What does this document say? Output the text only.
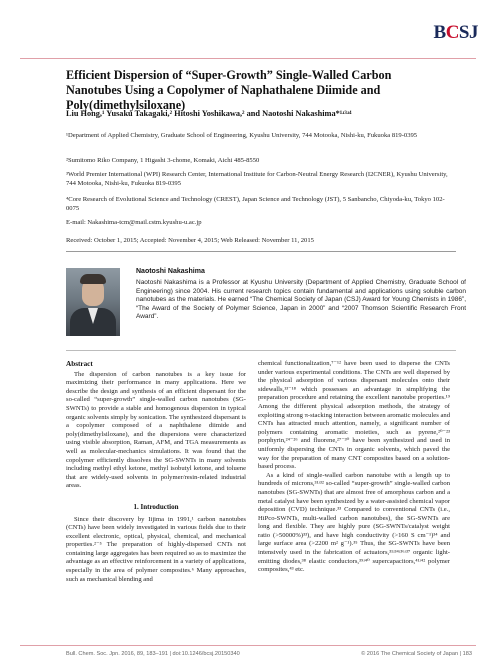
BCSJ
Efficient Dispersion of “Super-Growth” Single-Walled Carbon Nanotubes Using a Copolymer of Naphathalene Diimide and Poly(dimethylsiloxane)
Liu Hong,¹ Yusaku Takagaki,² Hitoshi Yoshikawa,² and Naotoshi Nakashima*¹ʴ³ʴ⁴
¹Department of Applied Chemistry, Graduate School of Engineering, Kyushu University, 744 Motooka, Nishi-ku, Fukuoka 819-0395
²Sumitomo Riko Company, 1 Higashi 3-chome, Komaki, Aichi 485-8550
³World Premier International (WPI) Research Center, International Institute for Carbon-Neutral Energy Research (I2CNER), Kyushu University, 744 Motooka, Nishi-ku, Fukuoka 819-0395
⁴Core Research of Evolutional Science and Technology (CREST), Japan Science and Technology (JST), 5 Sanbancho, Chiyoda-ku, Tokyo 102-0075
E-mail: Nakashima-tcm@mail.cstm.kyushu-u.ac.jp
Received: October 1, 2015; Accepted: November 4, 2015; Web Released: November 11, 2015
Naotoshi Nakashima
Naotoshi Nakashima is a Professor at Kyushu University (Department of Applied Chemistry, Graduate School of Engineering) since 2004. His current research topics contain fundamental and applications using soluble carbon nanotubes as the materials. He earned “The Chemical Society of Japan (CSJ) Award for Young Chemists in 1986”, “The Award of the Society of Polymer Science, Japan in 2000” and “2007 Thomson Scientific Research Front Award”.
Abstract

The dispersion of carbon nanotubes is a key issue for maximizing their performance in many applications. Here we describe the design and synthesis of an efficient dispersant for the so-called “super-growth” single-walled carbon nanotubes (SG-SWNTs) to provide a stable and homogenous dispersion in typical organic solvents simply by sonication. The synthesized dispersant is a copolymer composed of a naphthalene diimide and poly(dimethylsiloxane), and the dispersions were characterized using visible absorption, Raman, AFM, and TGA measurements as well as molecular-mechanics simulations. It was found that the copolymer efficiently dissolves the SG-SWNTs in many solvents including methyl ethyl ketone, methyl isobutyl ketone, and toluene that are widely-used solvents in polymer/resin-related industrial areas.

1. Introduction

Since their discovery by Iijima in 1991,¹ carbon nanotubes (CNTs) have been widely investigated in various fields due to their excellent electronic, optical, physical, chemical, and mechanical properties.²⁻⁵ The preparation of highly-dispersed CNTs not containing large aggregates has been required so as to maximize the advantage as an effective reinforcement in a variety of applications, especially in the area of polymer composites.⁶ Many approaches, such as mechanical blending and

chemical functionalization,⁷⁻¹² have been used to disperse the CNTs under various experimental conditions. The CNTs are well dispersed by the physical adsorption of various dispersant molecules onto their sidewalls,¹³⁻¹⁸ which possesses an advantage in simplifying the preparation procedure and retaining the excellent nanotube properties.¹⁹ Among the different physical adsorption methods, the strategy of exploiting strong π-stacking interaction between aromatic molecules and CNTs has attracted much attention, namely, a significant number of polymers containing aromatic moieties, such as pyrene,²⁰⁻²³ porphyrin,²⁴⁻²⁶ and fluorene,²⁷⁻³⁰ have been synthesized and used in uniformly dispersing the CNTs in organic solvents, which paved the way for the preparation of many CNT composites based on a solution-based process.

As a kind of single-walled carbon nanotube with a length up to hundreds of microns,³¹ʴ³² so-called “super-growth” single-walled carbon nanotubes (SG-SWNTs) that are almost free of amorphous carbon and a metal catalyst have been synthesized by a water-assisted chemical vapor deposition (CVD) technique.³³ Compared to conventional CNTs (i.e., HiPco-SWNTs, multi-walled carbon nanotubes), the SG-SWNTs are long and flexible. They are highly pure (SG-SWNTs/catalyst weight ratio (>50000%)³³), and have high conductivity (>160 S cm⁻¹)³⁴ and large surface area (>2200 m² g⁻¹).³⁵ Thus, the SG-SWNTs have been intensively used in the fabrication of actuators,³¹ʴ³⁴ʴ³⁶ʴ³⁷ organic light-emitting diodes,³⁸ elastic conductors,³⁹ʴ⁴⁰ supercapacitors,⁴¹ʴ⁴² polymer composites,⁴³ etc.

Bull. Chem. Soc. Jpn. 2016, 89, 183–191 | doi:10.1246/bcsj.20150340	© 2016 The Chemical Society of Japan | 183
